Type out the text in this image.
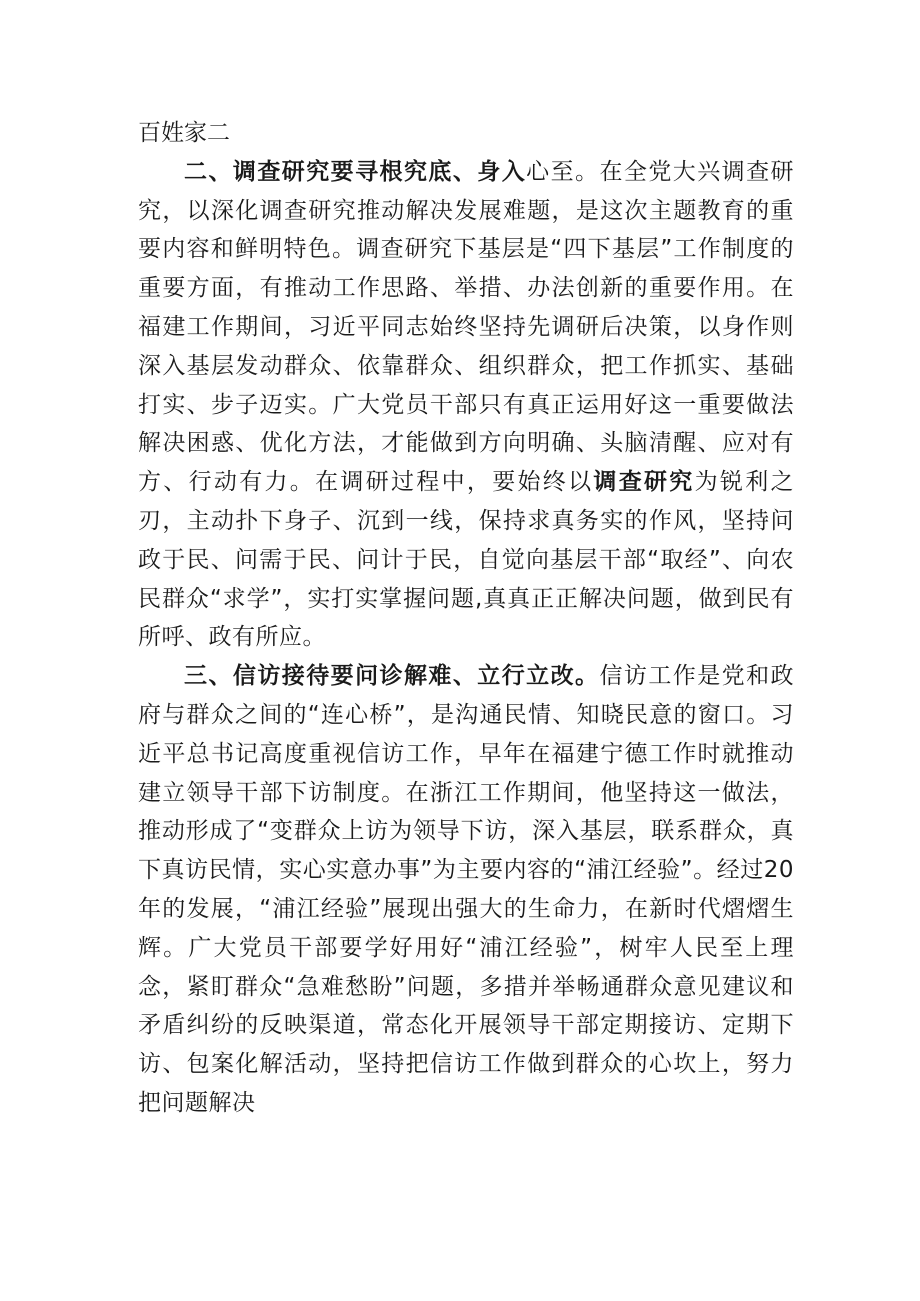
百姓家二

二、调查研究要寻根究底、身入心至。在全党大兴调查研究，以深化调查研究推动解决发展难题，是这次主题教育的重要内容和鲜明特色。调查研究下基层是“四下基层”工作制度的重要方面，有推动工作思路、举措、办法创新的重要作用。在福建工作期间，习近平同志始终坚持先调研后决策，以身作则深入基层发动群众、依靠群众、组织群众，把工作抓实、基础打实、步子迈实。广大党员干部只有真正运用好这一重要做法解决困惑、优化方法，才能做到方向明确、头脑清醒、应对有方、行动有力。在调研过程中，要始终以调查研究为锐利之刃，主动扑下身子、沉到一线，保持求真务实的作风，坚持问政于民、问需于民、问计于民，自觉向基层干部“取经”、向农民群众“求学”，实打实掌握问题,真真正正解决问题，做到民有所呼、政有所应。

三、信访接待要问诊解难、立行立改。信访工作是党和政府与群众之间的“连心桥”，是沟通民情、知晓民意的窗口。习近平总书记高度重视信访工作，早年在福建宁德工作时就推动建立领导干部下访制度。在浙江工作期间，他坚持这一做法，推动形成了“变群众上访为领导下访，深入基层，联系群众，真下真访民情，实心实意办事”为主要内容的“浦江经验”。经过20年的发展，“浦江经验”展现出强大的生命力，在新时代熠熠生辉。广大党员干部要学好用好“浦江经验”，树牢人民至上理念，紧盯群众“急难愁盼”问题，多措并举畅通群众意见建议和矛盾纠纷的反映渠道，常态化开展领导干部定期接访、定期下访、包案化解活动，坚持把信访工作做到群众的心坎上，努力把问题解决
